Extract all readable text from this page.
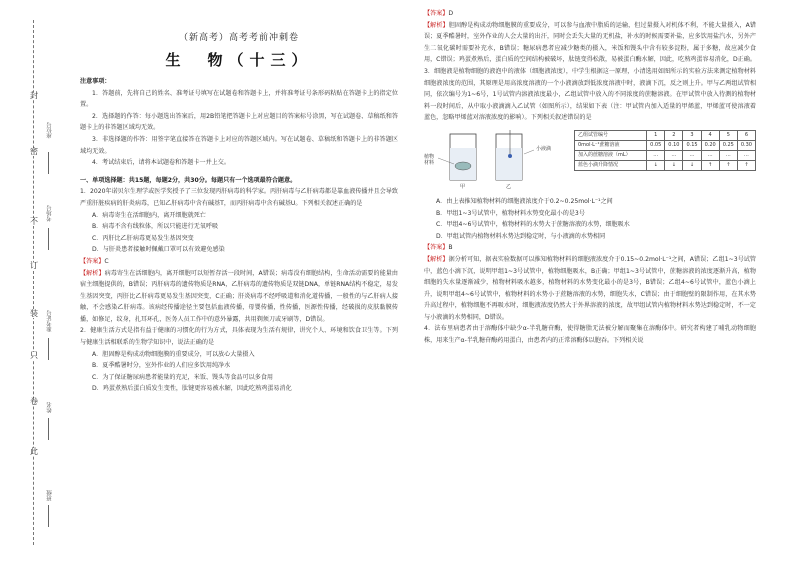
封
密
不
订
装
只
卷
此
座位号
考场号
准考证号
姓名
班级
（新高考）高考考前冲刺卷
生　物（十三）

注意事项：

1．答题前，先将自己的姓名、准考证号填写在试题卷和答题卡上，并将准考证号条形码粘贴在答题卡上的指定位置。

2．选择题的作答：每小题选出答案后，用2B铅笔把答题卡上对应题目的答案标号涂黑，写在试题卷、草稿纸和答题卡上的非答题区域均无效。

3．非选择题的作答：用签字笔直接答在答题卡上对应的答题区域内。写在试题卷、草稿纸和答题卡上的非答题区域均无效。

4．考试结束后，请将本试题卷和答题卡一并上交。

一、单项选择题：共15题，每题2分，共30分。每题只有一个选项最符合题意。

1．2020年诺贝尔生理学或医学奖授予了三位发现丙肝病毒的科学家。丙肝病毒与乙肝病毒都是靠血液传播并且会导致严重肝脏疾病的肝炎病毒，已知乙肝病毒中含有碱基T，而丙肝病毒中含有碱基U。下列相关叙述正确的是

A．病毒寄生在活细胞内，离开细胞就死亡

B．病毒不含有线粒体，所以只能进行无氧呼吸

C．丙肝比乙肝病毒更易发生基因突变

D．与肝炎患者接触时佩戴口罩可以有效避免感染

【答案】C

【解析】病毒寄生在活细胞内，离开细胞可以短暂存活一段时间，A错误；病毒没有细胞结构，生命活动需要的能量由宿主细胞提供的，B错误；丙肝病毒的遗传物质是RNA，乙肝病毒的遗传物质是双链DNA，单链RNA结构不稳定，易发生基因突变，丙肝比乙肝病毒更易发生基因突变，C正确；肝炎病毒不经呼吸道和消化道传播，一般性的与乙肝病人接触，不会感染乙肝病毒。该病经传播途径主要包括血液传播，母婴传播，性传播，医源性传播，经破损的皮肤黏膜传播，如修足，纹身，扎耳环孔，医务人员工作中的意外暴露，共用剃须刀或牙刷等，D错误。

2．健康生活方式是指有益于健康的习惯化的行为方式，具体表现为生活有规律，讲究个人、环境和饮食卫生等。下列与健康生活相联系的生物学知识中，说法正确的是

A．胆固醇是构成动物细胞膜的重要成分，可以放心大量摄入

B．夏季酷暑时分，室外作业的人们应多饮用纯净水

C．为了保证糖尿病患者能量的充足，米饭、馒头等食品可以多食用

D．鸡蛋煮熟后蛋白质发生变性，肽键更容易被水解，因此吃熟鸡蛋易消化

【答案】D

【解析】胆固醇是构成动物细胞膜的重要成分，可以参与血液中脂质的运输，但过量摄入对机体不利，不能大量摄入，A错误；夏季酷暑时，室外作业的人会大量的出汗，同时会丢失大量的无机盐，补水的时候需要补盐，应多饮用盐汽水，另外产生二氧化碳时需要补充水，B错误；糖尿病患者应减少糖类的摄入，米饭和馒头中含有较多淀粉，属于多糖，故应减少食用，C错误；鸡蛋煮熟后，蛋白质的空间结构被破坏，肽链变得松散，易被蛋白酶水解，因此，吃熟鸡蛋容易消化，D正确。

3．细胞液是植物细胞的液泡中的液体（细胞液浓度），中学生根据这一原理，小清选用如图所示的实验方法来测定植物材料细胞液浓度的范围，其原理是用高浓度溶液的一个小液滴放到低浓度溶液中时，液滴下沉，反之则上升。甲与乙两组试管相同，依次编号为1~6号，1号试管内溶液浓度最小，乙组试管中放入的不同浓度的蔗糖溶液。在甲试管中放入待测的植物材料一段时间后，从中取小液滴滴入乙试管（如图所示），结果如下表（注：甲试管内加入适量的甲烯蓝，甲烯蓝可使溶液着蓝色，忽略甲烯蓝对溶液浓度的影响）。下列相关叙述错误的是

植物材料
小液滴
甲	乙
乙组试管编号	1	2	3	4	5	6
0mol·L⁻¹蔗糖溶液	0.05	0.10	0.15	0.20	0.25	0.30
加入的蔗糖溶液（mL）	…	…	…	…	…	…
蓝色小滴升降情况	↓	↓	↓	↑	↑	↑

A．由上表推知植物材料的细胞液浓度介于0.2~0.25mol·L⁻¹之间

B．甲组1~3号试管中，植物材料水势变化最小的是3号

C．甲组4~6号试管中，植物材料的水势大于蔗糖溶液的水势，细胞吸水

D．甲组试管内植物材料水势达到稳定时，与小液滴的水势相同

【答案】B

【解析】据分析可知，据表实验数据可以推知植物材料的细胞液浓度介于0.15~0.2mol·L⁻¹之间，A错误；乙组1~3号试管中，蓝色小滴下沉，说明甲组1~3号试管中，植物细胞吸水，B正确；甲组1~3号试管中，蔗糖溶液的浓度逐渐升高，植物细胞的失水量逐渐减少，植物材料吸水越多，植物材料的水势变化最小的是3号，B错误；乙组4~6号试管中，蓝色小滴上升，说明甲组4~6号试管中，植物材料的水势小于蔗糖溶液的水势，细胞失水，C错误；由于细胞壁的限制作用，在其水势升高过程中，植物细胞不再吸水时，细胞液浓度仍然大于外界溶液的浓度，故甲组试管内植物材料水势达到稳定时，不一定与小液滴的水势相同，D错误。

4．法布里病患者由于溶酶体中缺少α-半乳糖苷酶，使得糖脂无法被分解而聚集在溶酶体中。研究者构建了哺乳动物细胞株，用来生产α-半乳糖苷酶药用蛋白，由患者内的正常溶酶体以胞吞。下列相关说
